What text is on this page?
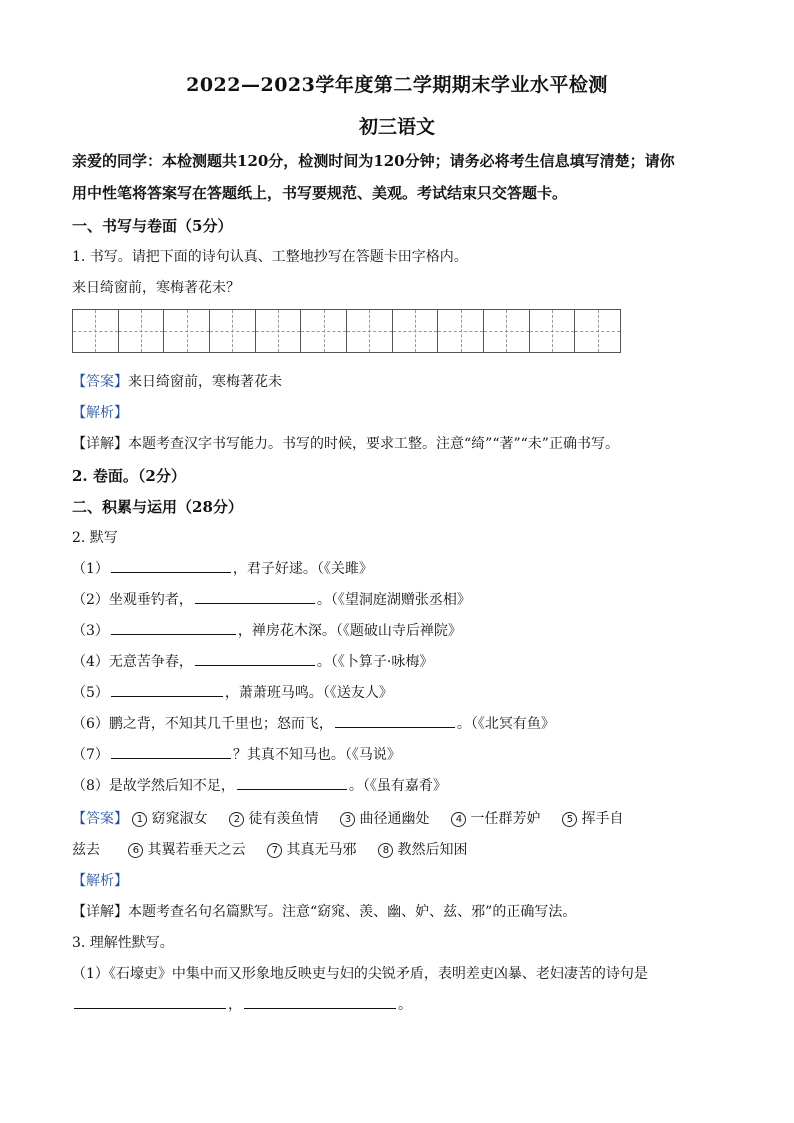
2022—2023学年度第二学期期末学业水平检测
初三语文
亲爱的同学：本检测题共120分，检测时间为120分钟；请务必将考生信息填写清楚；请你
用中性笔将答案写在答题纸上，书写要规范、美观。考试结束只交答题卡。
一、书写与卷面（5分）
1. 书写。请把下面的诗句认真、工整地抄写在答题卡田字格内。
来日绮窗前，寒梅著花未？
【答案】来日绮窗前，寒梅著花未
【解析】
【详解】本题考查汉字书写能力。书写的时候，要求工整。注意“绮”“著”“未”正确书写。
2. 卷面。（2分）
二、积累与运用（28分）
2. 默写
（1）	，君子好逑。（《关雎》
（2）坐观垂钓者，	。（《望洞庭湖赠张丞相》
（3）	，禅房花木深。（《题破山寺后禅院》
（4）无意苦争春，	。（《卜算子·咏梅》
（5）	，萧萧班马鸣。（《送友人》
（6）鹏之背，不知其几千里也；怒而飞，	。（《北冥有鱼》
（7）	？其真不知马也。（《马说》
（8）是故学然后知不足，	。（《虽有嘉肴》
【答案】 1 窈窕淑女	2 徒有羡鱼情	3 曲径通幽处	4 一任群芳妒	5 挥手自
兹去	6 其翼若垂天之云	7 其真无马邪	8 教然后知困
【解析】
【详解】本题考查名句名篇默写。注意“窈窕、羡、幽、妒、兹、邪”的正确写法。
3. 理解性默写。
（1）《石壕吏》中集中而又形象地反映吏与妇的尖锐矛盾，表明差吏凶暴、老妇凄苦的诗句是
，	。
